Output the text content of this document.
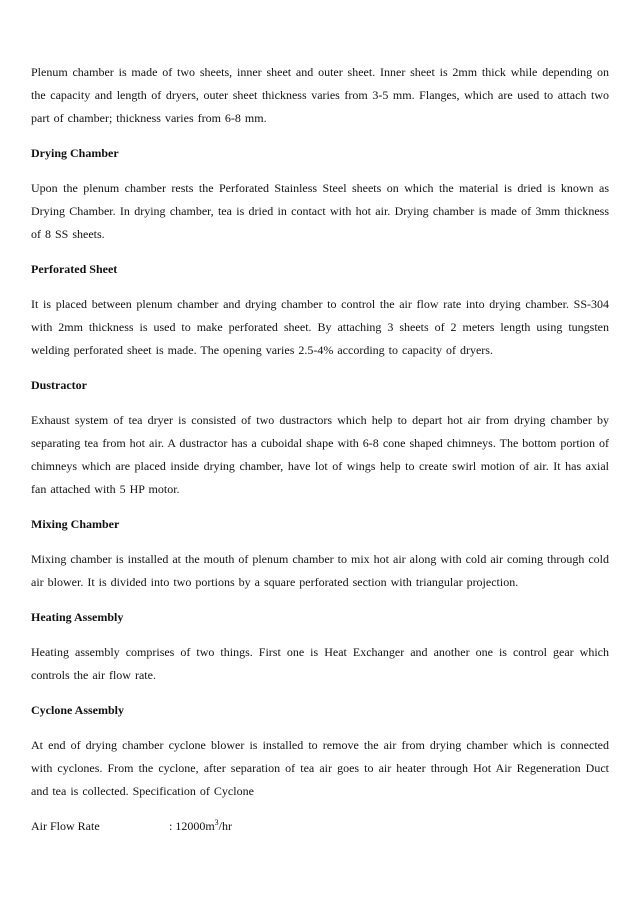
Plenum chamber is made of two sheets, inner sheet and outer sheet. Inner sheet is 2mm thick while depending on the capacity and length of dryers, outer sheet thickness varies from 3-5 mm. Flanges, which are used to attach two part of chamber; thickness varies from 6-8 mm.

Drying Chamber

Upon the plenum chamber rests the Perforated Stainless Steel sheets on which the material is dried is known as Drying Chamber. In drying chamber, tea is dried in contact with hot air. Drying chamber is made of 3mm thickness of 8 SS sheets.

Perforated Sheet

It is placed between plenum chamber and drying chamber to control the air flow rate into drying chamber. SS-304 with 2mm thickness is used to make perforated sheet. By attaching 3 sheets of 2 meters length using tungsten welding perforated sheet is made. The opening varies 2.5-4% according to capacity of dryers.

Dustractor

Exhaust system of tea dryer is consisted of two dustractors which help to depart hot air from drying chamber by separating tea from hot air. A dustractor has a cuboidal shape with 6-8 cone shaped chimneys. The bottom portion of chimneys which are placed inside drying chamber, have lot of wings help to create swirl motion of air. It has axial fan attached with 5 HP motor.

Mixing Chamber

Mixing chamber is installed at the mouth of plenum chamber to mix hot air along with cold air coming through cold air blower. It is divided into two portions by a square perforated section with triangular projection.

Heating Assembly

Heating assembly comprises of two things. First one is Heat Exchanger and another one is control gear which controls the air flow rate.

Cyclone Assembly

At end of drying chamber cyclone blower is installed to remove the air from drying chamber which is connected with cyclones. From the cyclone, after separation of tea air goes to air heater through Hot Air Regeneration Duct and tea is collected. Specification of Cyclone

Air Flow Rate	: $12000m^3/hr$
